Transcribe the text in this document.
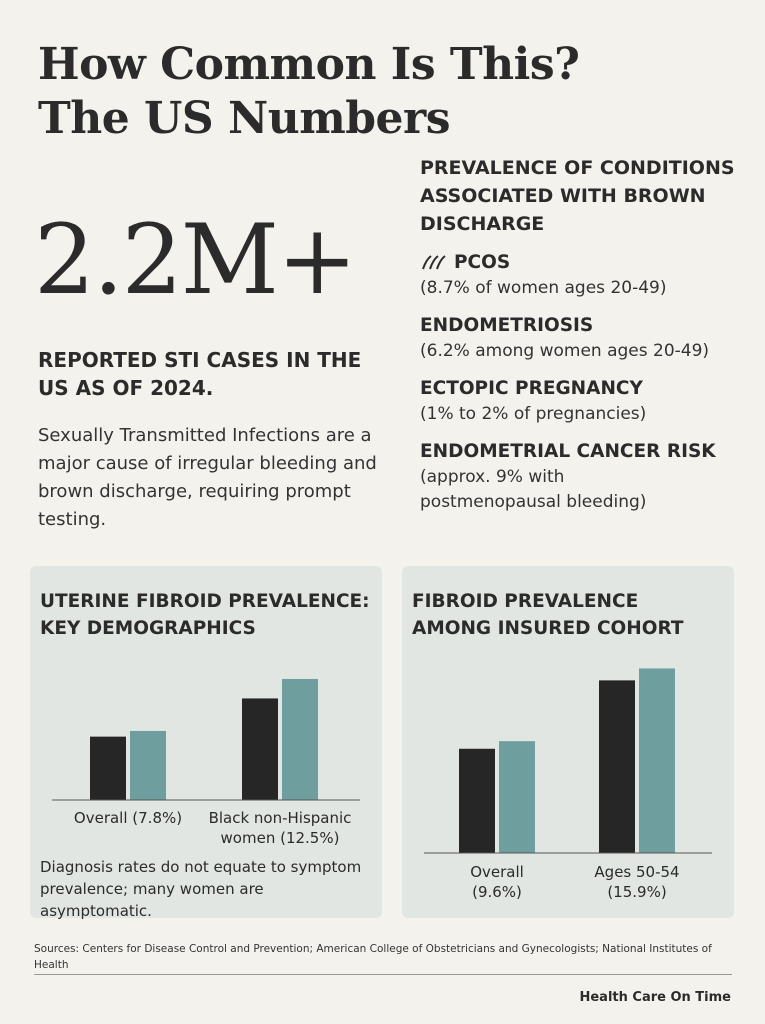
How Common Is This?
The US Numbers
2.2M+
REPORTED STI CASES IN THE US AS OF 2024.
Sexually Transmitted Infections are a major cause of irregular bleeding and brown discharge, requiring prompt testing.
PREVALENCE OF CONDITIONS ASSOCIATED WITH BROWN DISCHARGE
PCOS
(8.7% of women ages 20-49)
ENDOMETRIOSIS
(6.2% among women ages 20-49)
ECTOPIC PREGNANCY
(1% to 2% of pregnancies)
ENDOMETRIAL CANCER RISK
(approx. 9% with postmenopausal bleeding)
UTERINE FIBROID PREVALENCE: KEY DEMOGRAPHICS
Overall (7.8%)	Black non-Hispanic
women (12.5%)
Diagnosis rates do not equate to symptom prevalence; many women are asymptomatic.
FIBROID PREVALENCE AMONG INSURED COHORT
Overall
(9.6%)
Ages 50-54
(15.9%)
Sources: Centers for Disease Control and Prevention; American College of Obstetricians and Gynecologists; National Institutes of Health
Health Care On Time
